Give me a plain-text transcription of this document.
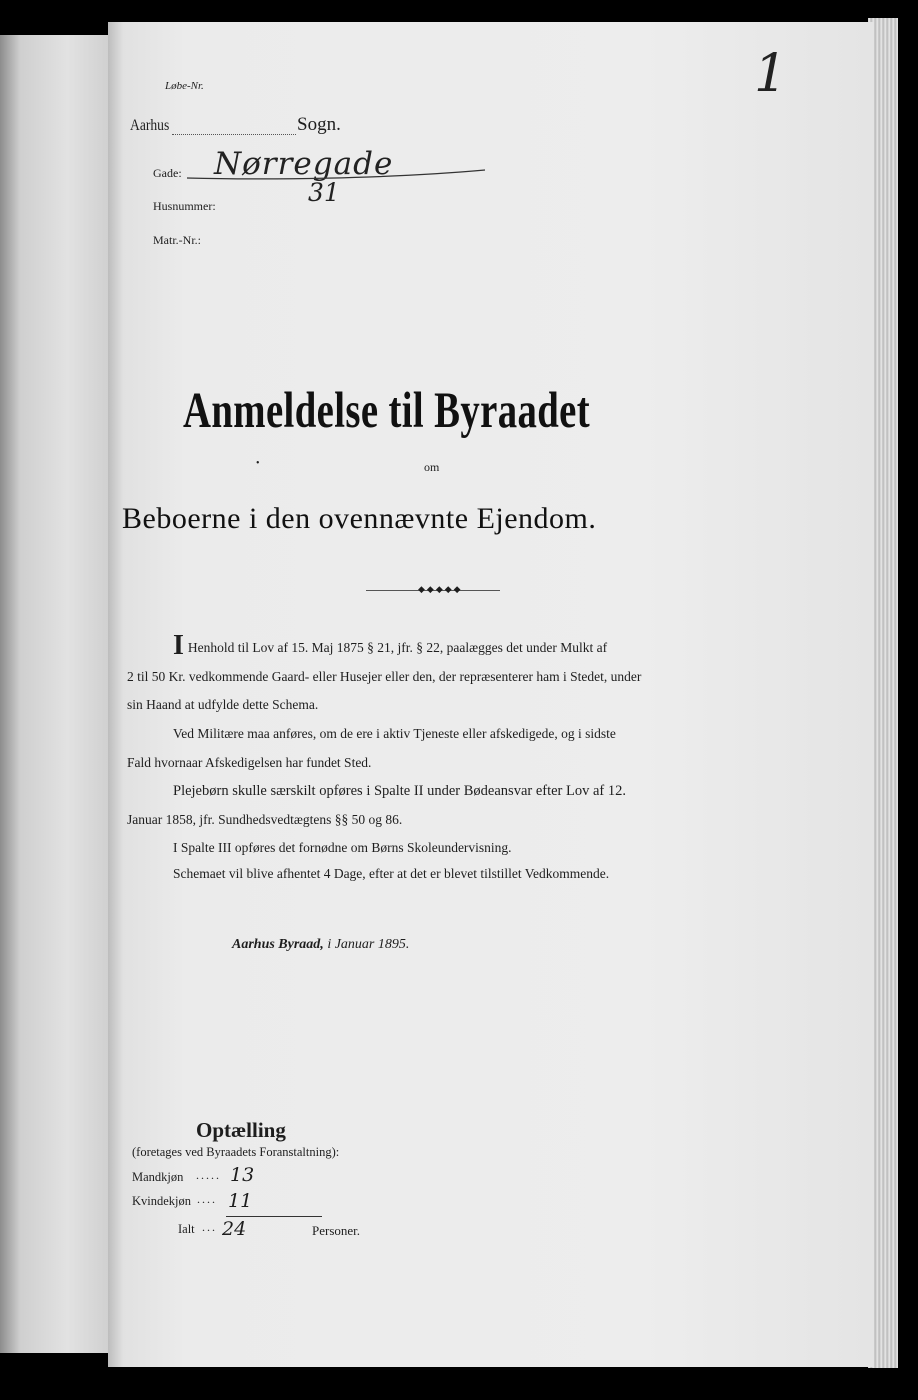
Løbe-Nr.	1
Aarhus	Sogn.
Gade: Nørregade
Husnummer:	31
Matr.-Nr.:
Anmeldelse til Byraadet
•	om
Beboerne i den ovennævnte Ejendom.
◆◆◆◆◆
I Henhold til Lov af 15. Maj 1875 § 21, jfr. § 22, paalægges det under Mulkt af
2 til 50 Kr. vedkommende Gaard- eller Husejer eller den, der repræsenterer ham i Stedet, under
sin Haand at udfylde dette Schema.
Ved Militære maa anføres, om de ere i aktiv Tjeneste eller afskedigede, og i sidste
Fald hvornaar Afskedigelsen har fundet Sted.
Plejebørn skulle særskilt opføres i Spalte II under Bødeansvar efter Lov af 12.
Januar 1858, jfr. Sundhedsvedtægtens §§ 50 og 86.
I Spalte III opføres det fornødne om Børns Skoleundervisning.
Schemaet vil blive afhentet 4 Dage, efter at det er blevet tilstillet Vedkommende.
Aarhus Byraad, i Januar 1895.
Optælling
(foretages ved Byraadets Foranstaltning):
Mandkjøn ..... 13
Kvindekjøn .... 11
Ialt ... 24	Personer.
